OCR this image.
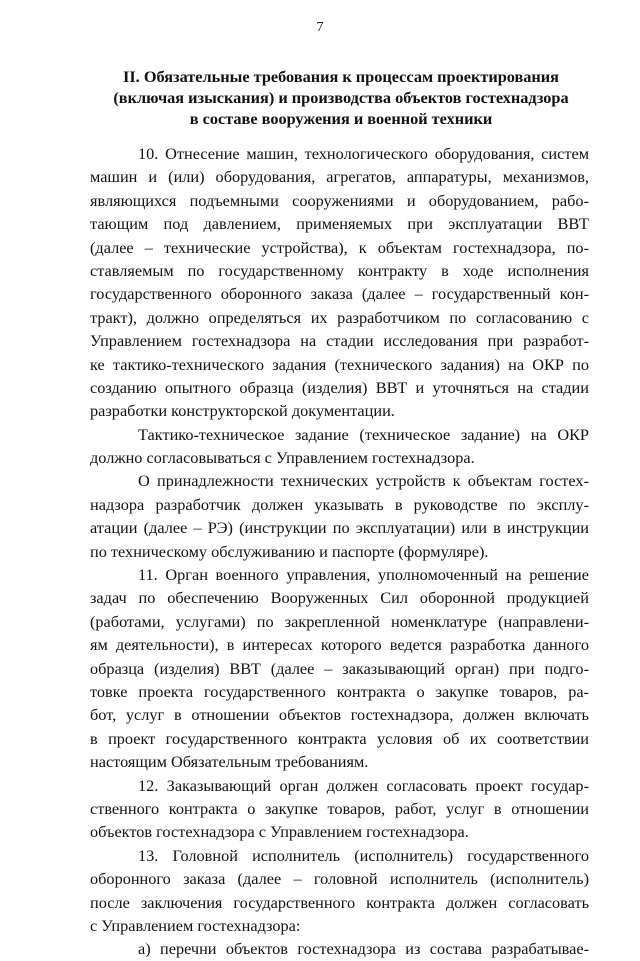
7
II. Обязательные требования к процессам проектирования
(включая изыскания) и производства объектов гостехнадзора
в составе вооружения и военной техники
10. Отнесение машин, технологического оборудования, систем
машин и (или) оборудования, агрегатов, аппаратуры, механизмов,
являющихся подъемными сооружениями и оборудованием, рабо-
тающим под давлением, применяемых при эксплуатации ВВТ
(далее – технические устройства), к объектам гостехнадзора, по-
ставляемым по государственному контракту в ходе исполнения
государственного оборонного заказа (далее – государственный кон-
тракт), должно определяться их разработчиком по согласованию с
Управлением гостехнадзора на стадии исследования при разработ-
ке тактико-технического задания (технического задания) на ОКР по
созданию опытного образца (изделия) ВВТ и уточняться на стадии
разработки конструкторской документации.
Тактико-техническое задание (техническое задание) на ОКР
должно согласовываться с Управлением гостехнадзора.
О принадлежности технических устройств к объектам гостех-
надзора разработчик должен указывать в руководстве по эксплу-
атации (далее – РЭ) (инструкции по эксплуатации) или в инструкции
по техническому обслуживанию и паспорте (формуляре).
11. Орган военного управления, уполномоченный на решение
задач по обеспечению Вооруженных Сил оборонной продукцией
(работами, услугами) по закрепленной номенклатуре (направлени-
ям деятельности), в интересах которого ведется разработка данного
образца (изделия) ВВТ (далее – заказывающий орган) при подго-
товке проекта государственного контракта о закупке товаров, ра-
бот, услуг в отношении объектов гостехнадзора, должен включать
в проект государственного контракта условия об их соответствии
настоящим Обязательным требованиям.
12. Заказывающий орган должен согласовать проект государ-
ственного контракта о закупке товаров, работ, услуг в отношении
объектов гостехнадзора с Управлением гостехнадзора.
13. Головной исполнитель (исполнитель) государственного
оборонного заказа (далее – головной исполнитель (исполнитель)
после заключения государственного контракта должен согласовать
с Управлением гостехнадзора:
а) перечни объектов гостехнадзора из состава разрабатывае-
